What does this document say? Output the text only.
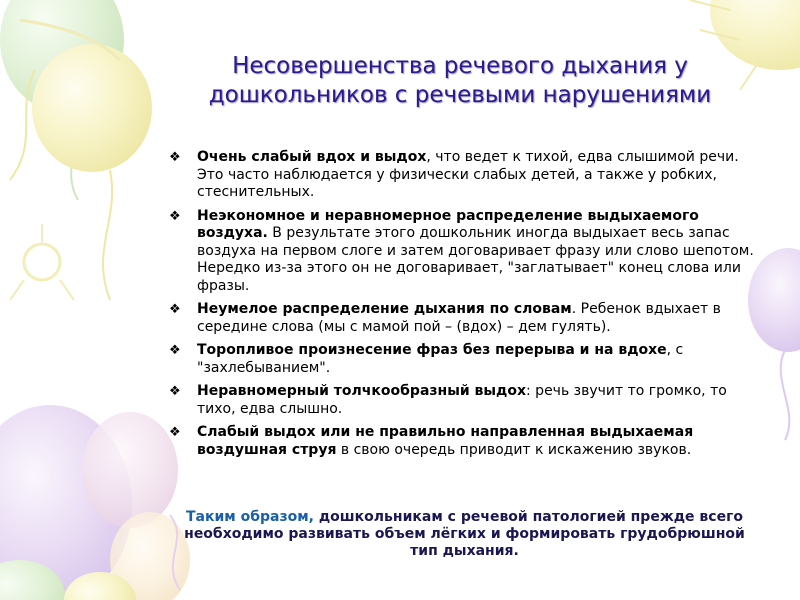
Несовершенства речевого дыхания у дошкольников с речевыми нарушениями
❖ Очень слабый вдох и выдох, что ведет к тихой, едва слышимой речи. Это часто наблюдается у физически слабых детей, а также у робких, стеснительных.
❖ Неэкономное и неравномерное распределение выдыхаемого воздуха. В результате этого дошкольник иногда выдыхает весь запас воздуха на первом слоге и затем договаривает фразу или слово шепотом. Нередко из-за этого он не договаривает, "заглатывает" конец слова или фразы.
❖ Неумелое распределение дыхания по словам. Ребенок вдыхает в середине слова (мы с мамой пой – (вдох) – дем гулять).
❖ Торопливое произнесение фраз без перерыва и на вдохе, с "захлебыванием".
❖ Неравномерный толчкообразный выдох: речь звучит то громко, то тихо, едва слышно.
❖ Слабый выдох или не правильно направленная выдыхаемая воздушная струя в свою очередь приводит к искажению звуков.
Таким образом, дошкольникам с речевой патологией прежде всего необходимо развивать объем лёгких и формировать грудобрюшной тип дыхания.
